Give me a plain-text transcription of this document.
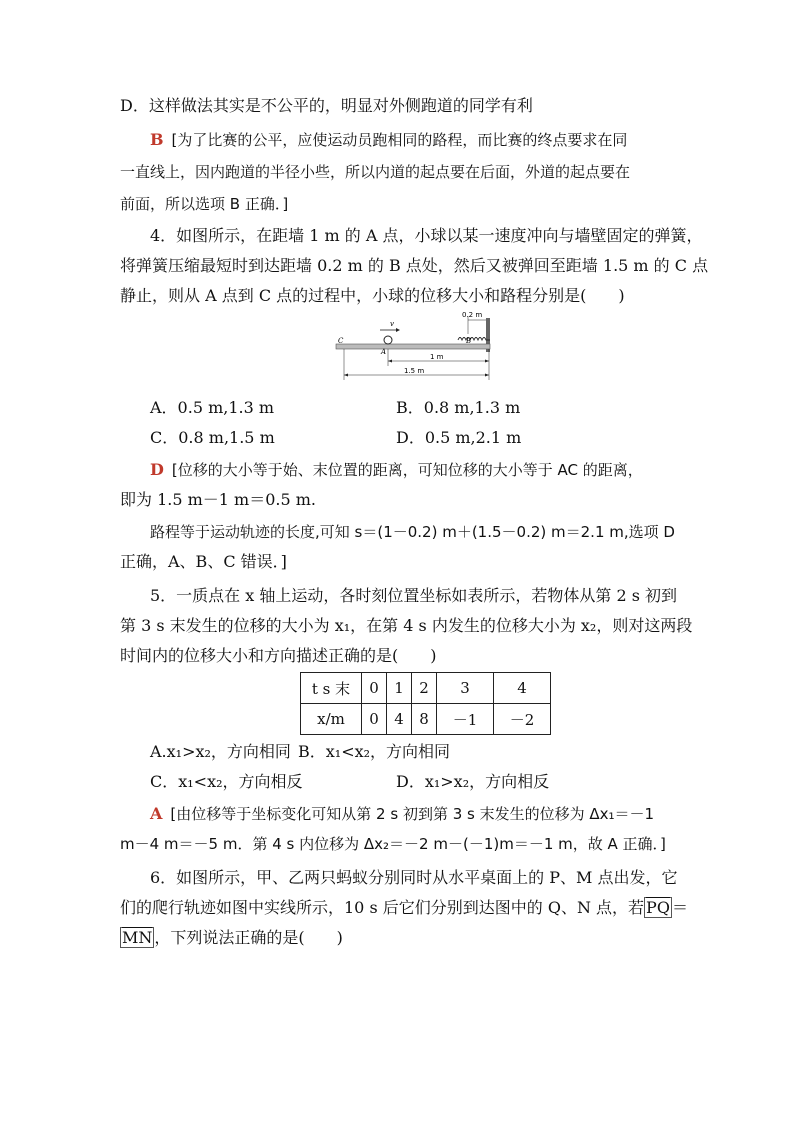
D．这样做法其实是不公平的，明显对外侧跑道的同学有利
B [为了比赛的公平，应使运动员跑相同的路程，而比赛的终点要求在同
一直线上，因内跑道的半径小些，所以内道的起点要在后面，外道的起点要在
前面，所以选项 B 正确．]
4．如图所示，在距墙 1 m 的 A 点，小球以某一速度冲向与墙壁固定的弹簧，
将弹簧压缩最短时到达距墙 0.2 m 的 B 点处，然后又被弹回至距墙 1.5 m 的 C 点
静止，则从 A 点到 C 点的过程中，小球的位移大小和路程分别是(　　)
v
0.2 m
C
A
B
1 m
1.5 m
A．0.5 m,1.3 m	B．0.8 m,1.3 m
C．0.8 m,1.5 m	D．0.5 m,2.1 m
D [位移的大小等于始、末位置的距离，可知位移的大小等于 AC 的距离，
即为 1.5 m－1 m＝0.5 m.
路程等于运动轨迹的长度,可知 s＝(1－0.2) m＋(1.5－0.2) m＝2.1 m,选项 D
正确，A、B、C 错误．]
5．一质点在 x 轴上运动，各时刻位置坐标如表所示，若物体从第 2 s 初到
第 3 s 末发生的位移的大小为 x₁，在第 4 s 内发生的位移大小为 x₂，则对这两段
时间内的位移大小和方向描述正确的是(　　)
t s 末	0	1	2	3	4
x/m	0	4	8	－1	－2
A.x₁>x₂，方向相同 B．x₁<x₂，方向相同
C．x₁<x₂，方向相反	D．x₁>x₂，方向相反
A [由位移等于坐标变化可知从第 2 s 初到第 3 s 末发生的位移为 Δx₁＝－1
m－4 m＝－5 m．第 4 s 内位移为 Δx₂＝－2 m－(－1)m＝－1 m，故 A 正确．]
6．如图所示，甲、乙两只蚂蚁分别同时从水平桌面上的 P、M 点出发，它
们的爬行轨迹如图中实线所示，10 s 后它们分别到达图中的 Q、N 点，若 $\overline{PQ}$ ＝
$\overline{MN}$ ，下列说法正确的是(　　)
